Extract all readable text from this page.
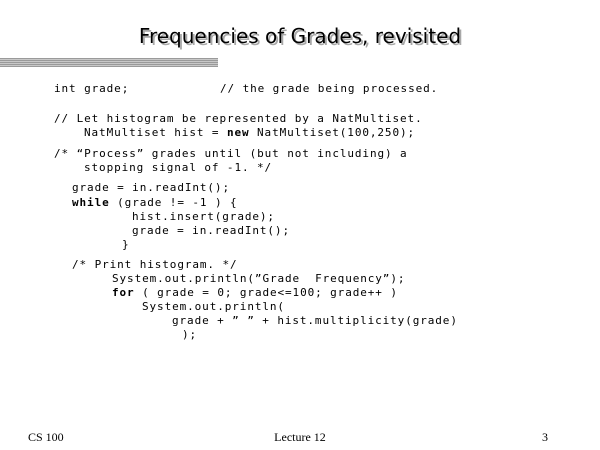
Frequencies of Grades, revisited
int grade;	// the grade being processed.
// Let histogram be represented by a NatMultiset.
NatMultiset hist = new NatMultiset(100,250);
/* “Process” grades until (but not including) a
stopping signal of -1. */
grade = in.readInt();
while (grade != -1 ) {
hist.insert(grade);
grade = in.readInt();
}
/* Print histogram. */
System.out.println(”Grade  Frequency”);
for ( grade = 0; grade<=100; grade++ )
System.out.println(
grade + ” ” + hist.multiplicity(grade)
);
CS 100	Lecture 12	3
